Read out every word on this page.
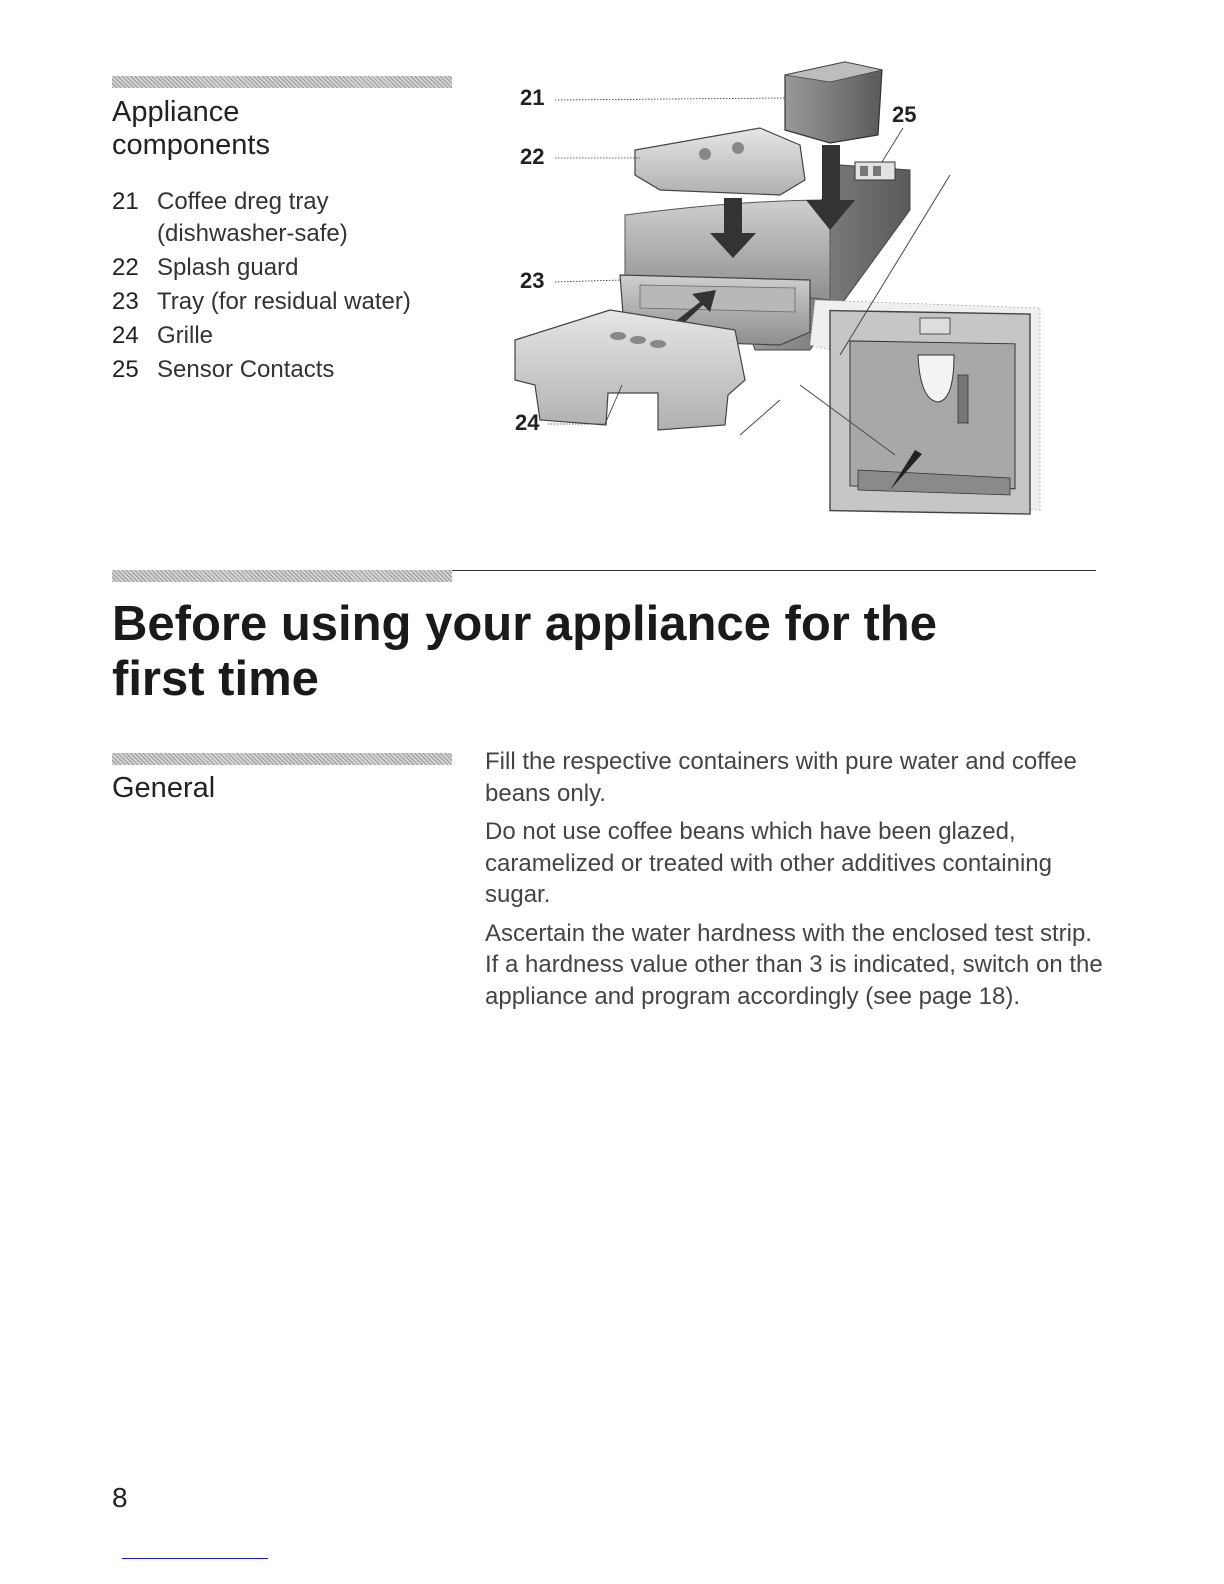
Appliance
components
21 Coffee dreg tray
(dishwasher-safe)
22 Splash guard
23 Tray (for residual water)
24 Grille
25 Sensor Contacts
21
22
23
24
25
Before using your appliance for the
first time
General

Fill the respective containers with pure water and coffee beans only.

Do not use coffee beans which have been glazed, caramelized or treated with other additives containing sugar.

Ascertain the water hardness with the enclosed test strip. If a hardness value other than 3 is indicated, switch on the appliance and program accordingly (see page 18).

8
